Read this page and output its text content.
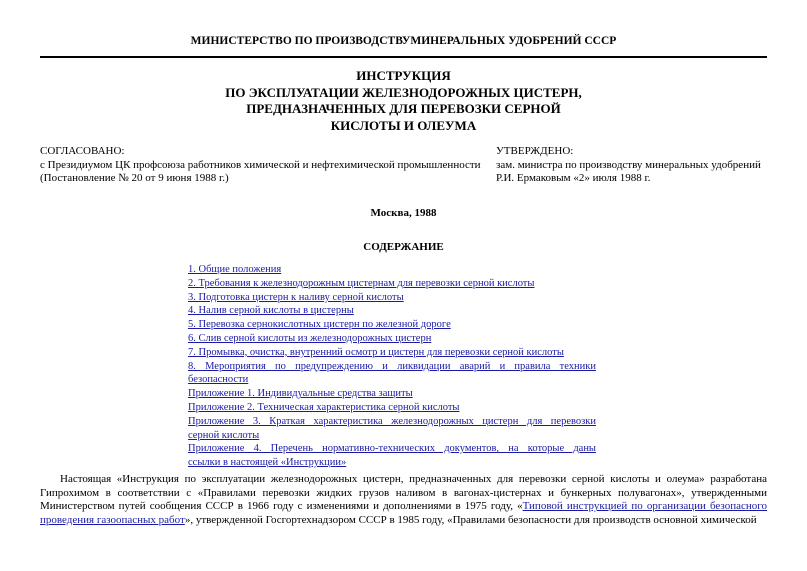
МИНИСТЕРСТВО ПО ПРОИЗВОДСТВУМИНЕРАЛЬНЫХ УДОБРЕНИЙ СССР
ИНСТРУКЦИЯ
ПО ЭКСПЛУАТАЦИИ ЖЕЛЕЗНОДОРОЖНЫХ ЦИСТЕРН,
ПРЕДНАЗНАЧЕННЫХ ДЛЯ ПЕРЕВОЗКИ СЕРНОЙ
КИСЛОТЫ И ОЛЕУМА
СОГЛАСОВАНО:
с Президиумом ЦК профсоюза работников химической и нефтехимической промышленности
(Постановление № 20 от 9 июня 1988 г.)
УТВЕРЖДЕНО:
зам. министра по производству минеральных удобрений
Р.И. Ермаковым «2» июля 1988 г.
Москва, 1988
СОДЕРЖАНИЕ
1. Общие положения
2. Требования к железнодорожным цистернам для перевозки серной кислоты
3. Подготовка цистерн к наливу серной кислоты
4. Налив серной кислоты в цистерны
5. Перевозка сернокислотных цистерн по железной дороге
6. Слив серной кислоты из железнодорожных цистерн
7. Промывка, очистка, внутренний осмотр и цистерн для перевозки серной кислоты
8. Мероприятия по предупреждению и ликвидации аварий и правила техники
безопасности
Приложение 1. Индивидуальные средства защиты
Приложение 2. Техническая характеристика серной кислоты
Приложение 3. Краткая характеристика железнодорожных цистерн для перевозки
серной кислоты
Приложение 4. Перечень нормативно-технических документов, на которые даны
ссылки в настоящей «Инструкции»

Настоящая «Инструкция по эксплуатации железнодорожных цистерн, предназначенных для перевозки серной кислоты и олеума» разработана Гипрохимом в соответствии с «Правилами перевозки жидких грузов наливом в вагонах-цистернах и бункерных полувагонах», утвержденными Министерством путей сообщения СССР в 1966 году с изменениями и дополнениями в 1975 году, «Типовой инструкцией по организации безопасного проведения газоопасных работ», утвержденной Госгортехнадзором СССР в 1985 году, «Правилами безопасности для производств основной химической
